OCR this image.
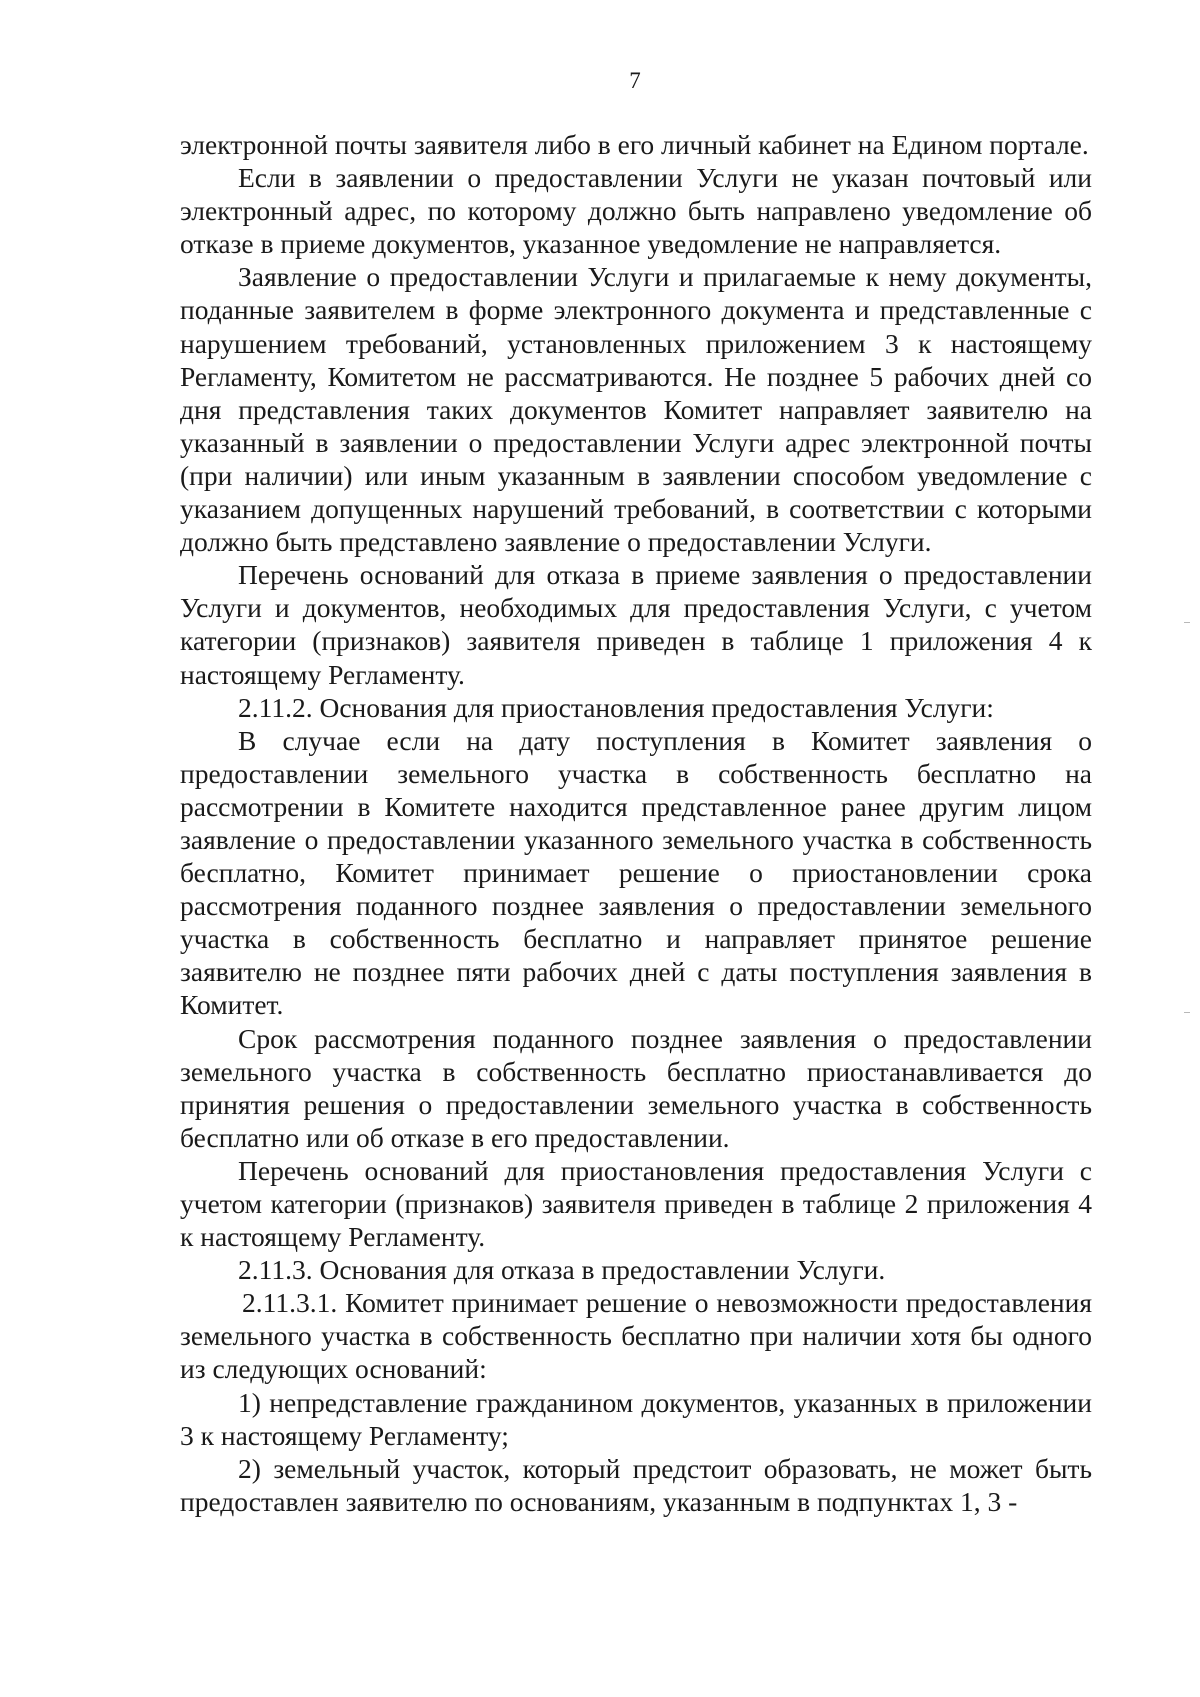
7

электронной почты заявителя либо в его личный кабинет на Едином портале.

Если в заявлении о предоставлении Услуги не указан почтовый или электронный адрес, по которому должно быть направлено уведомление об отказе в приеме документов, указанное уведомление не направляется.

Заявление о предоставлении Услуги и прилагаемые к нему документы, поданные заявителем в форме электронного документа и представленные с нарушением требований, установленных приложением 3 к настоящему Регламенту, Комитетом не рассматриваются. Не позднее 5 рабочих дней со дня представления таких документов Комитет направляет заявителю на указанный в заявлении о предоставлении Услуги адрес электронной почты (при наличии) или иным указанным в заявлении способом уведомление с указанием допущенных нарушений требований, в соответствии с которыми должно быть представлено заявление о предоставлении Услуги.

Перечень оснований для отказа в приеме заявления о предоставлении Услуги и документов, необходимых для предоставления Услуги, с учетом категории (признаков) заявителя приведен в таблице 1 приложения 4 к настоящему Регламенту.

2.11.2. Основания для приостановления предоставления Услуги:

В случае если на дату поступления в Комитет заявления о предоставлении земельного участка в собственность бесплатно на рассмотрении в Комитете находится представленное ранее другим лицом заявление о предоставлении указанного земельного участка в собственность бесплатно, Комитет принимает решение о приостановлении срока рассмотрения поданного позднее заявления о предоставлении земельного участка в собственность бесплатно и направляет принятое решение заявителю не позднее пяти рабочих дней с даты поступления заявления в Комитет.

Срок рассмотрения поданного позднее заявления о предоставлении земельного участка в собственность бесплатно приостанавливается до принятия решения о предоставлении земельного участка в собственность бесплатно или об отказе в его предоставлении.

Перечень оснований для приостановления предоставления Услуги с учетом категории (признаков) заявителя приведен в таблице 2 приложения 4 к настоящему Регламенту.

2.11.3. Основания для отказа в предоставлении Услуги.

2.11.3.1. Комитет принимает решение о невозможности предоставления земельного участка в собственность бесплатно при наличии хотя бы одного из следующих оснований:

1) непредставление гражданином документов, указанных в приложении 3 к настоящему Регламенту;

2) земельный участок, который предстоит образовать, не может быть предоставлен заявителю по основаниям, указанным в подпунктах 1, 3 -
